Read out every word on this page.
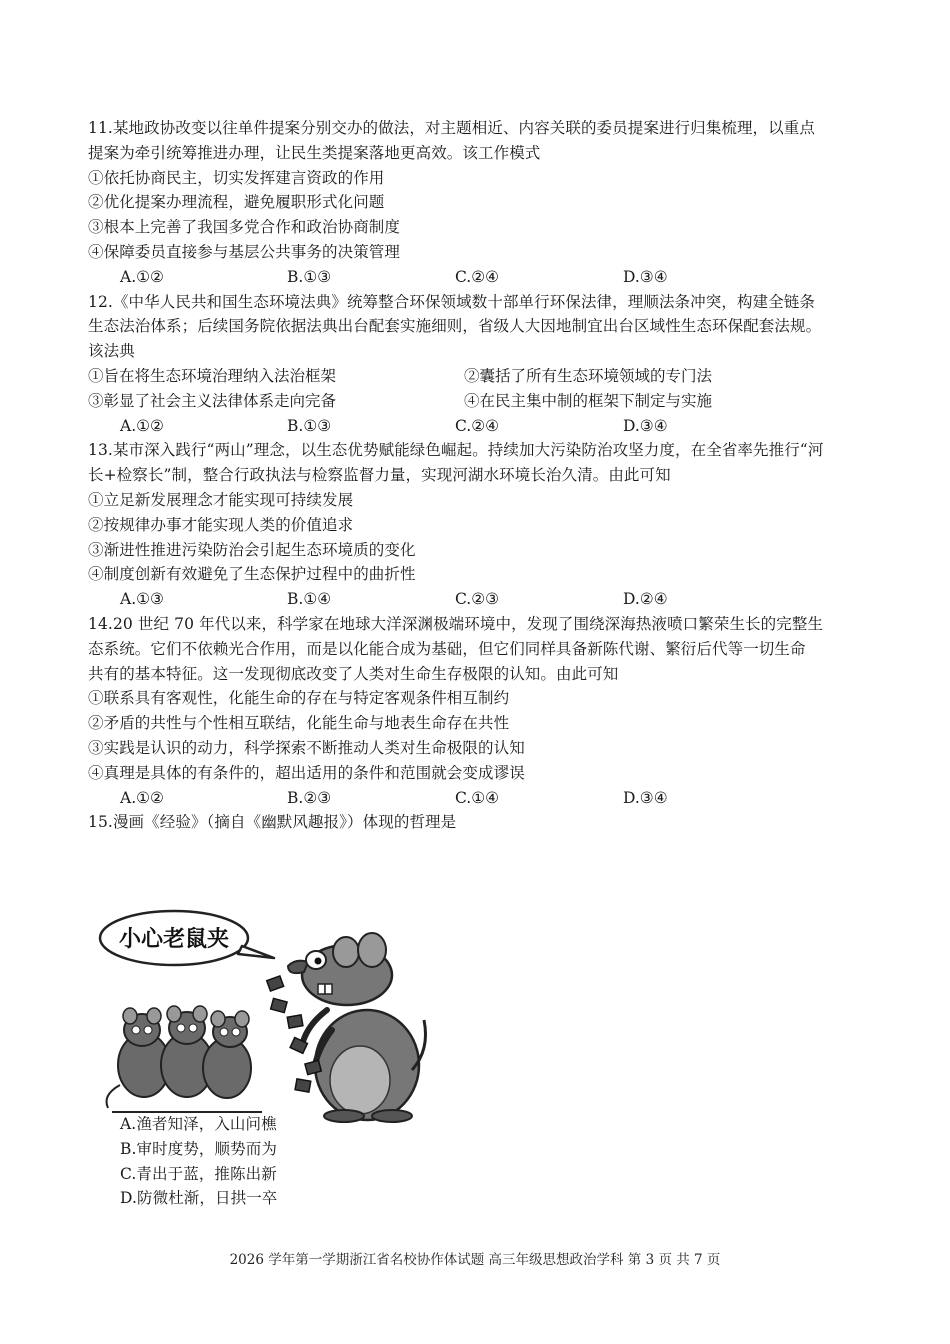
11.某地政协改变以往单件提案分别交办的做法，对主题相近、内容关联的委员提案进行归集梳理，以重点
提案为牵引统筹推进办理，让民生类提案落地更高效。该工作模式
①依托协商民主，切实发挥建言资政的作用
②优化提案办理流程，避免履职形式化问题
③根本上完善了我国多党合作和政治协商制度
④保障委员直接参与基层公共事务的决策管理
A.①②	B.①③	C.②④	D.③④
12.《中华人民共和国生态环境法典》统筹整合环保领域数十部单行环保法律，理顺法条冲突，构建全链条
生态法治体系；后续国务院依据法典出台配套实施细则，省级人大因地制宜出台区域性生态环保配套法规。
该法典
①旨在将生态环境治理纳入法治框架	②囊括了所有生态环境领域的专门法
③彰显了社会主义法律体系走向完备	④在民主集中制的框架下制定与实施
A.①②	B.①③	C.②④	D.③④
13.某市深入践行“两山”理念，以生态优势赋能绿色崛起。持续加大污染防治攻坚力度，在全省率先推行“河
长+检察长”制，整合行政执法与检察监督力量，实现河湖水环境长治久清。由此可知
①立足新发展理念才能实现可持续发展
②按规律办事才能实现人类的价值追求
③渐进性推进污染防治会引起生态环境质的变化
④制度创新有效避免了生态保护过程中的曲折性
A.①③	B.①④	C.②③	D.②④
14.20 世纪 70 年代以来，科学家在地球大洋深渊极端环境中，发现了围绕深海热液喷口繁荣生长的完整生
态系统。它们不依赖光合作用，而是以化能合成为基础，但它们同样具备新陈代谢、繁衍后代等一切生命
共有的基本特征。这一发现彻底改变了人类对生命生存极限的认知。由此可知
①联系具有客观性，化能生命的存在与特定客观条件相互制约
②矛盾的共性与个性相互联结，化能生命与地表生命存在共性
③实践是认识的动力，科学探索不断推动人类对生命极限的认知
④真理是具体的有条件的，超出适用的条件和范围就会变成谬误
A.①②	B.②③	C.①④	D.③④
15.漫画《经验》（摘自《幽默风趣报》）体现的哲理是
小心老鼠夹
A.渔者知泽，入山问樵
B.审时度势，顺势而为
C.青出于蓝，推陈出新
D.防微杜渐，日拱一卒
2026 学年第一学期浙江省名校协作体试题 高三年级思想政治学科 第 3 页 共 7 页
